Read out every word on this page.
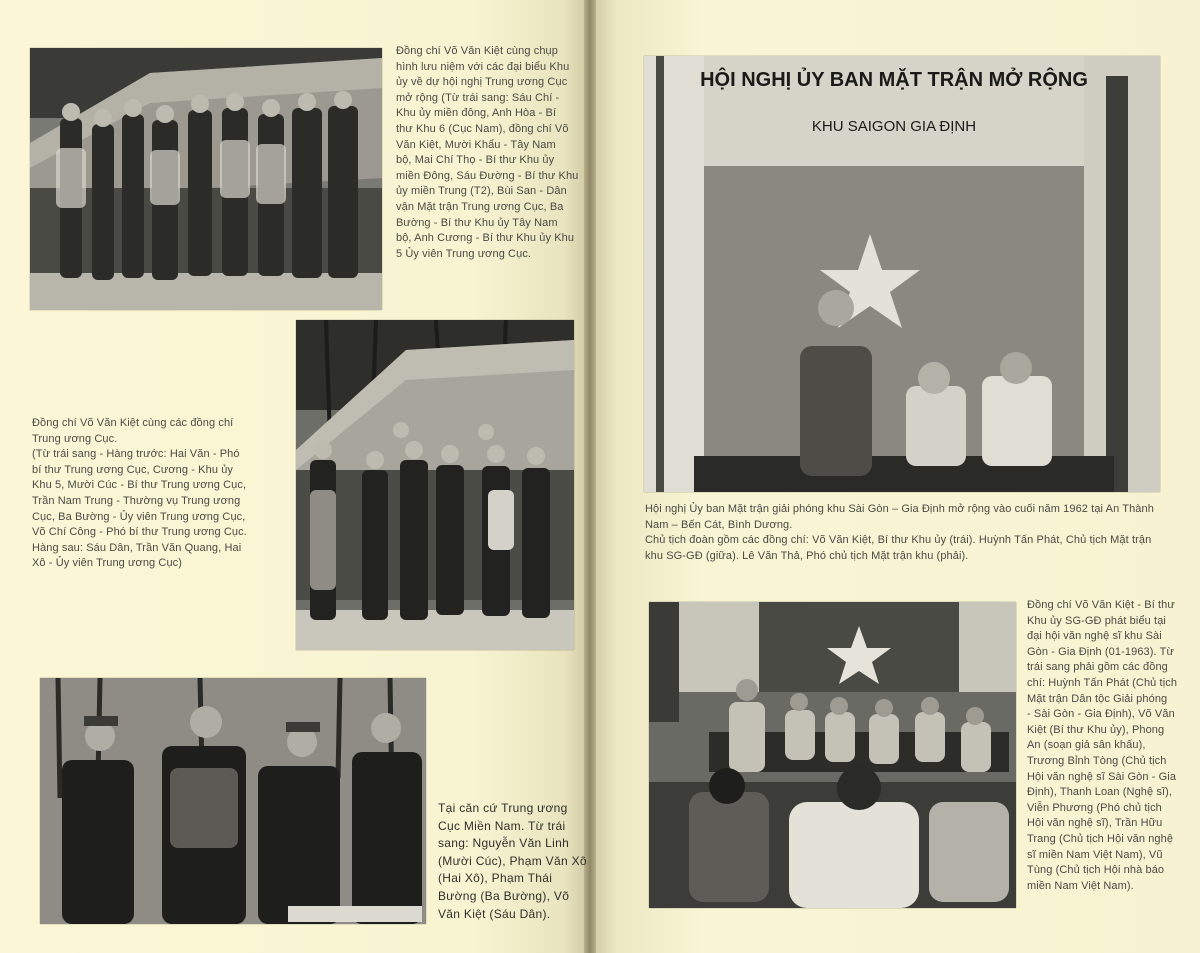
Đồng chí Võ Văn Kiệt cùng chụp
hình lưu niệm với các đại biểu Khu
ủy về dự hội nghị Trung ương Cục
mở rộng (Từ trái sang: Sáu Chí -
Khu ủy miền đông, Anh Hòa - Bí
thư Khu 6 (Cục Nam), đồng chí Võ
Văn Kiệt, Mười Khẩu - Tây Nam
bộ, Mai Chí Thọ - Bí thư Khu ủy
miền Đông, Sáu Đường - Bí thư Khu
ủy miền Trung (T2), Bùi San - Dân
vận Mặt trận Trung ương Cục, Ba
Bường - Bí thư Khu ủy Tây Nam
bộ, Anh Cương - Bí thư Khu ủy Khu
5 Ủy viên Trung ương Cục.

Đồng chí Võ Văn Kiệt cùng các đồng chí
Trung ương Cục.
(Từ trái sang - Hàng trước: Hai Văn - Phó
bí thư Trung ương Cục, Cương - Khu ủy
Khu 5, Mười Cúc - Bí thư Trung ương Cục,
Trần Nam Trung - Thường vụ Trung ương
Cục, Ba Bường - Ủy viên Trung ương Cục,
Võ Chí Công - Phó bí thư Trung ương Cục.
Hàng sau: Sáu Dân, Trần Văn Quang, Hai
Xô - Ủy viên Trung ương Cục)

Tại căn cứ Trung ương
Cục Miền Nam. Từ trái
sang: Nguyễn Văn Linh
(Mười Cúc), Phạm Văn Xô
(Hai Xô), Phạm Thái
Bường (Ba Bường), Võ
Văn Kiệt (Sáu Dân).

HỘI NGHỊ ỦY BAN MẶT TRẬN MỞ RỘNG
KHU SAIGON GIA ĐỊNH

Hội nghị Ủy ban Mặt trận giải phóng khu Sài Gòn – Gia Định mở rộng vào cuối năm 1962 tại An Thành
Nam – Bến Cát, Bình Dương.
Chủ tịch đoàn gồm các đồng chí: Võ Văn Kiệt, Bí thư Khu ủy (trái). Huỳnh Tấn Phát, Chủ tịch Mặt trận
khu SG-GĐ (giữa). Lê Văn Thả, Phó chủ tịch Mặt trận khu (phải).

Đồng chí Võ Văn Kiệt - Bí thư
Khu ủy SG-GĐ phát biểu tại
đại hội văn nghệ sĩ khu Sài
Gòn - Gia Định (01-1963). Từ
trái sang phải gồm các đồng
chí: Huỳnh Tấn Phát (Chủ tịch
Mặt trận Dân tộc Giải phóng
- Sài Gòn - Gia Định), Võ Văn
Kiệt (Bí thư Khu ủy), Phong
An (soạn giả sân khấu),
Trương Bỉnh Tòng (Chủ tịch
Hội văn nghệ sĩ Sài Gòn - Gia
Định), Thanh Loan (Nghệ sĩ),
Viễn Phương (Phó chủ tịch
Hội văn nghệ sĩ), Trần Hữu
Trang (Chủ tịch Hội văn nghệ
sĩ miền Nam Việt Nam), Vũ
Tùng (Chủ tịch Hội nhà báo
miền Nam Việt Nam).
